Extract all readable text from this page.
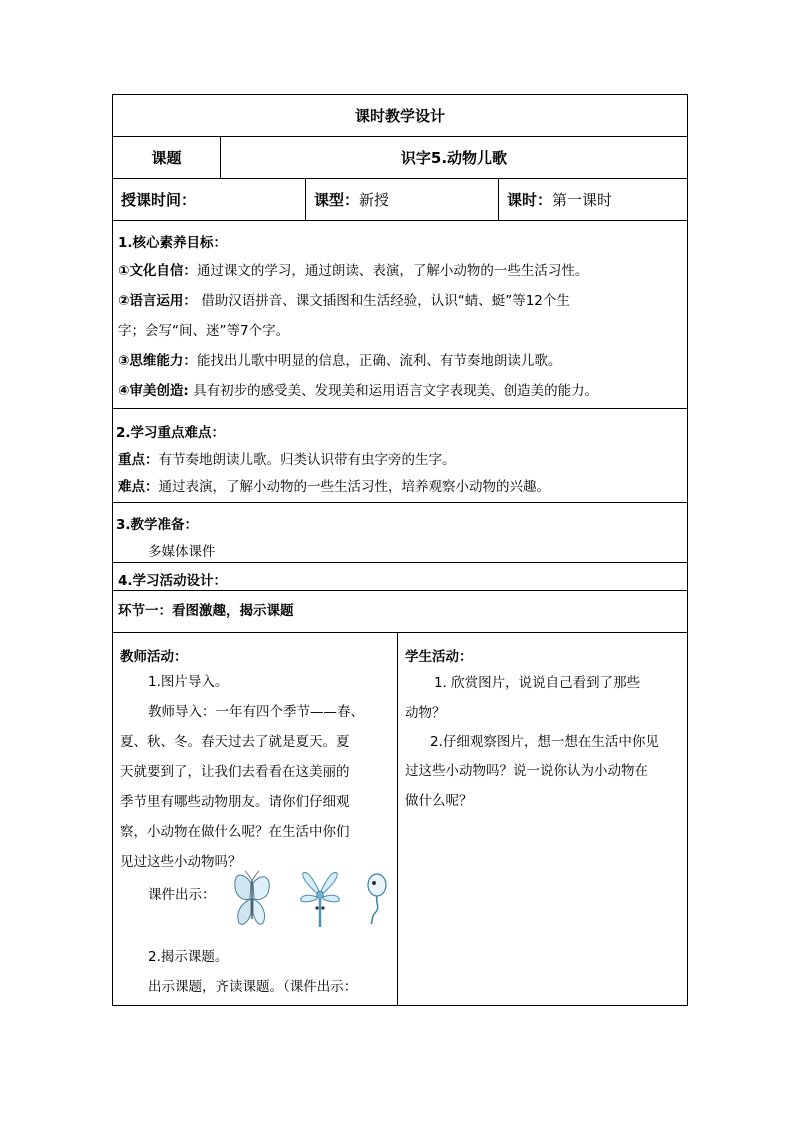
课时教学设计
课题	识字5.动物儿歌
授课时间：	课型： 新授	课时： 第一课时
1.核心素养目标：
①文化自信：通过课文的学习，通过朗读、表演，了解小动物的一些生活习性。
②语言运用： 借助汉语拼音、课文插图和生活经验，认识“蜻、蜓”等12个生
字；会写“间、迷”等7个字。
③思维能力：能找出儿歌中明显的信息，正确、流利、有节奏地朗读儿歌。
④审美创造: 具有初步的感受美、发现美和运用语言文字表现美、创造美的能力。
2.学习重点难点：
重点：有节奏地朗读儿歌。归类认识带有虫字旁的生字。
难点：通过表演，了解小动物的一些生活习性，培养观察小动物的兴趣。
3.教学准备：
多媒体课件
4.学习活动设计：
环节一：看图激趣，揭示课题
教师活动：
1.图片导入。
教师导入：一年有四个季节——春、
夏、秋、冬。春天过去了就是夏天。夏
天就要到了，让我们去看看在这美丽的
季节里有哪些动物朋友。请你们仔细观
察，小动物在做什么呢？在生活中你们
见过这些小动物吗？
课件出示：
2.揭示课题。
出示课题，齐读课题。（课件出示：
学生活动：
1. 欣赏图片，说说自己看到了那些
动物？
2.仔细观察图片，想一想在生活中你见
过这些小动物吗？说一说你认为小动物在
做什么呢？
